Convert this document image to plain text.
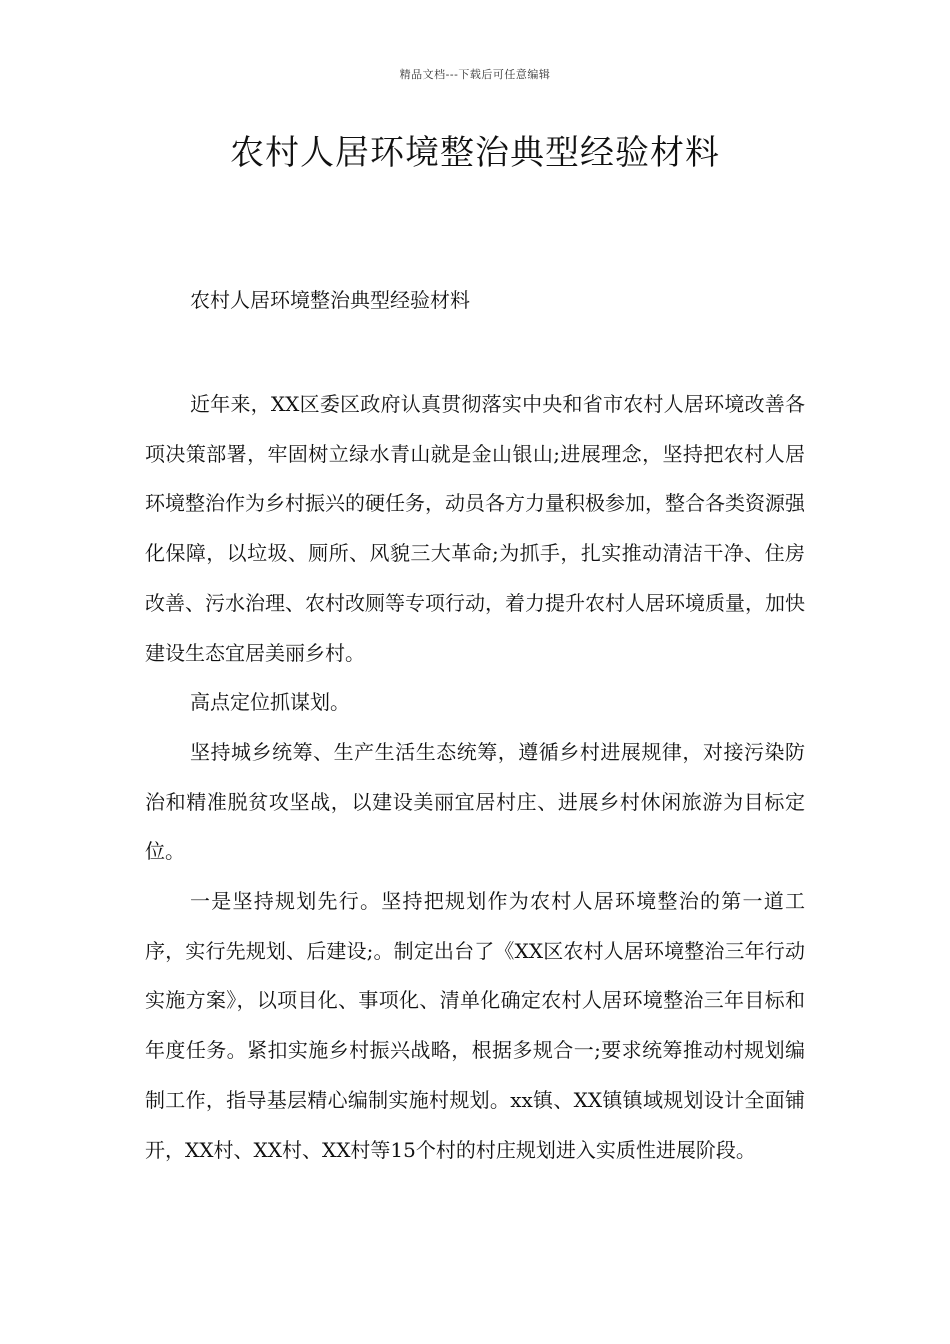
精品文档---下载后可任意编辑
农村人居环境整治典型经验材料
农村人居环境整治典型经验材料

近年来，XX区委区政府认真贯彻落实中央和省市农村人居环境改善各项决策部署，牢固树立绿水青山就是金山银山;进展理念，坚持把农村人居环境整治作为乡村振兴的硬任务，动员各方力量积极参加，整合各类资源强化保障，以垃圾、厕所、风貌三大革命;为抓手，扎实推动清洁干净、住房改善、污水治理、农村改厕等专项行动，着力提升农村人居环境质量，加快建设生态宜居美丽乡村。

高点定位抓谋划。

坚持城乡统筹、生产生活生态统筹，遵循乡村进展规律，对接污染防治和精准脱贫攻坚战，以建设美丽宜居村庄、进展乡村休闲旅游为目标定位。

一是坚持规划先行。坚持把规划作为农村人居环境整治的第一道工序，实行先规划、后建设;。制定出台了《XX区农村人居环境整治三年行动实施方案》，以项目化、事项化、清单化确定农村人居环境整治三年目标和年度任务。紧扣实施乡村振兴战略，根据多规合一;要求统筹推动村规划编制工作，指导基层精心编制实施村规划。xx镇、XX镇镇域规划设计全面铺开，XX村、XX村、XX村等15个村的村庄规划进入实质性进展阶段。
